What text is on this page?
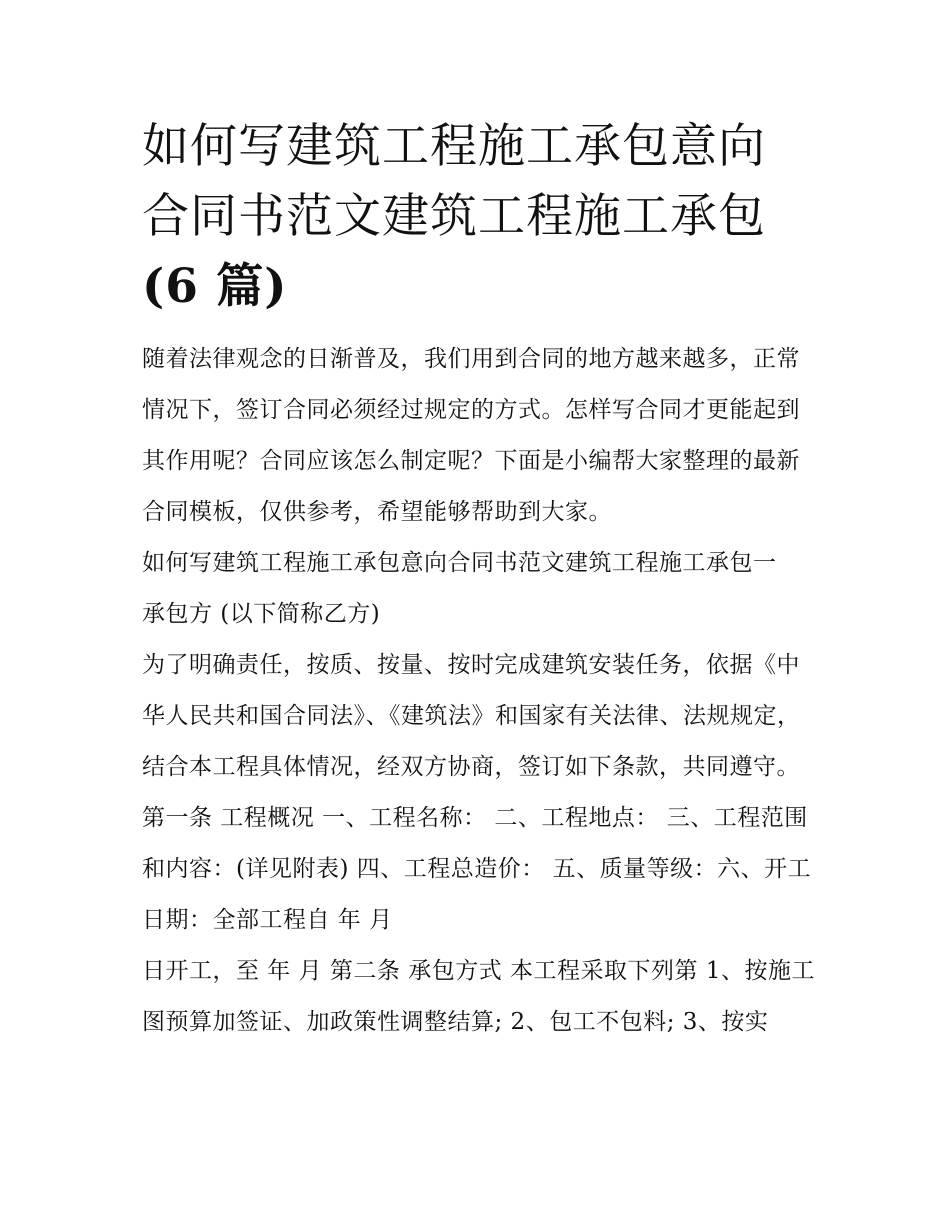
如何写建筑工程施工承包意向
合同书范文建筑工程施工承包
(6 篇)

随着法律观念的日渐普及，我们用到合同的地方越来越多，正常情况下，签订合同必须经过规定的方式。怎样写合同才更能起到其作用呢？合同应该怎么制定呢？下面是小编帮大家整理的最新合同模板，仅供参考，希望能够帮助到大家。

如何写建筑工程施工承包意向合同书范文建筑工程施工承包一

承包方 (以下简称乙方)

为了明确责任，按质、按量、按时完成建筑安装任务，依据《中华人民共和国合同法》、《建筑法》和国家有关法律、法规规定，结合本工程具体情况，经双方协商，签订如下条款，共同遵守。

第一条 工程概况 一、工程名称： 二、工程地点： 三、工程范围和内容：(详见附表) 四、工程总造价： 五、质量等级：六、开工日期：全部工程自 年 月

日开工，至 年 月 第二条 承包方式 本工程采取下列第 1、按施工图预算加签证、加政策性调整结算; 2、包工不包料; 3、按实
